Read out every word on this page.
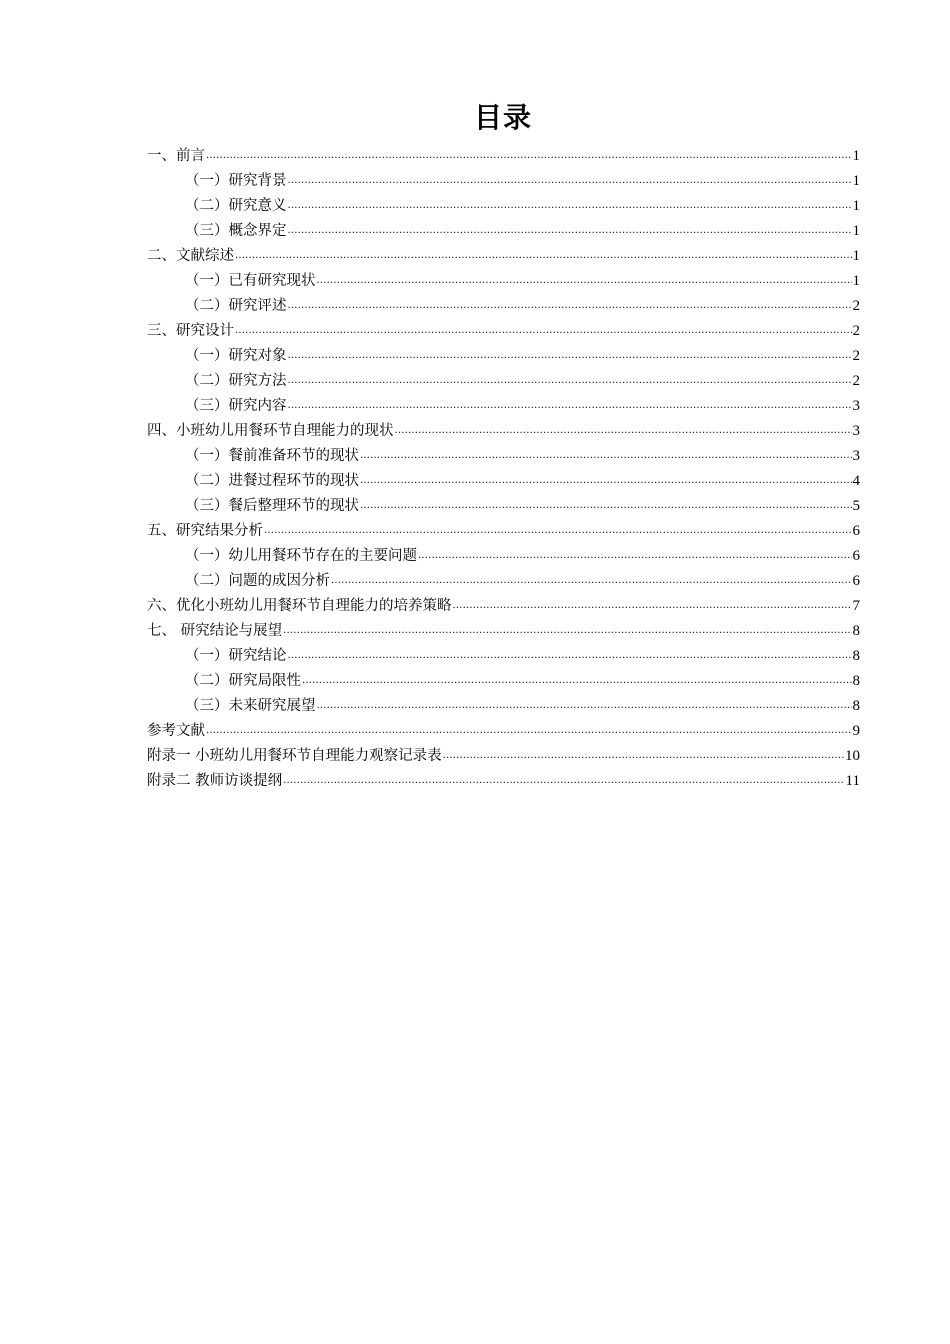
目录
一、前言 .....	1
（一）研究背景 .....	1
（二）研究意义 .....	1
（三）概念界定 .....	1
二、文献综述 .....	1
（一）已有研究现状 .....	1
（二）研究评述 .....	2
三、研究设计 .....	2
（一）研究对象 .....	2
（二）研究方法 .....	2
（三）研究内容 .....	3
四、小班幼儿用餐环节自理能力的现状 .....	3
（一）餐前准备环节的现状 .....	3
（二）进餐过程环节的现状 .....	4
（三）餐后整理环节的现状 .....	5
五、研究结果分析 .....	6
（一）幼儿用餐环节存在的主要问题 .....	6
（二）问题的成因分析 .....	6
六、优化小班幼儿用餐环节自理能力的培养策略 .....	7
七、 研究结论与展望 .....	8
（一）研究结论 .....	8
（二）研究局限性 .....	8
（三）未来研究展望 .....	8
参考文献 .....	9
附录一 小班幼儿用餐环节自理能力观察记录表 .....	10
附录二 教师访谈提纲 .....	11
